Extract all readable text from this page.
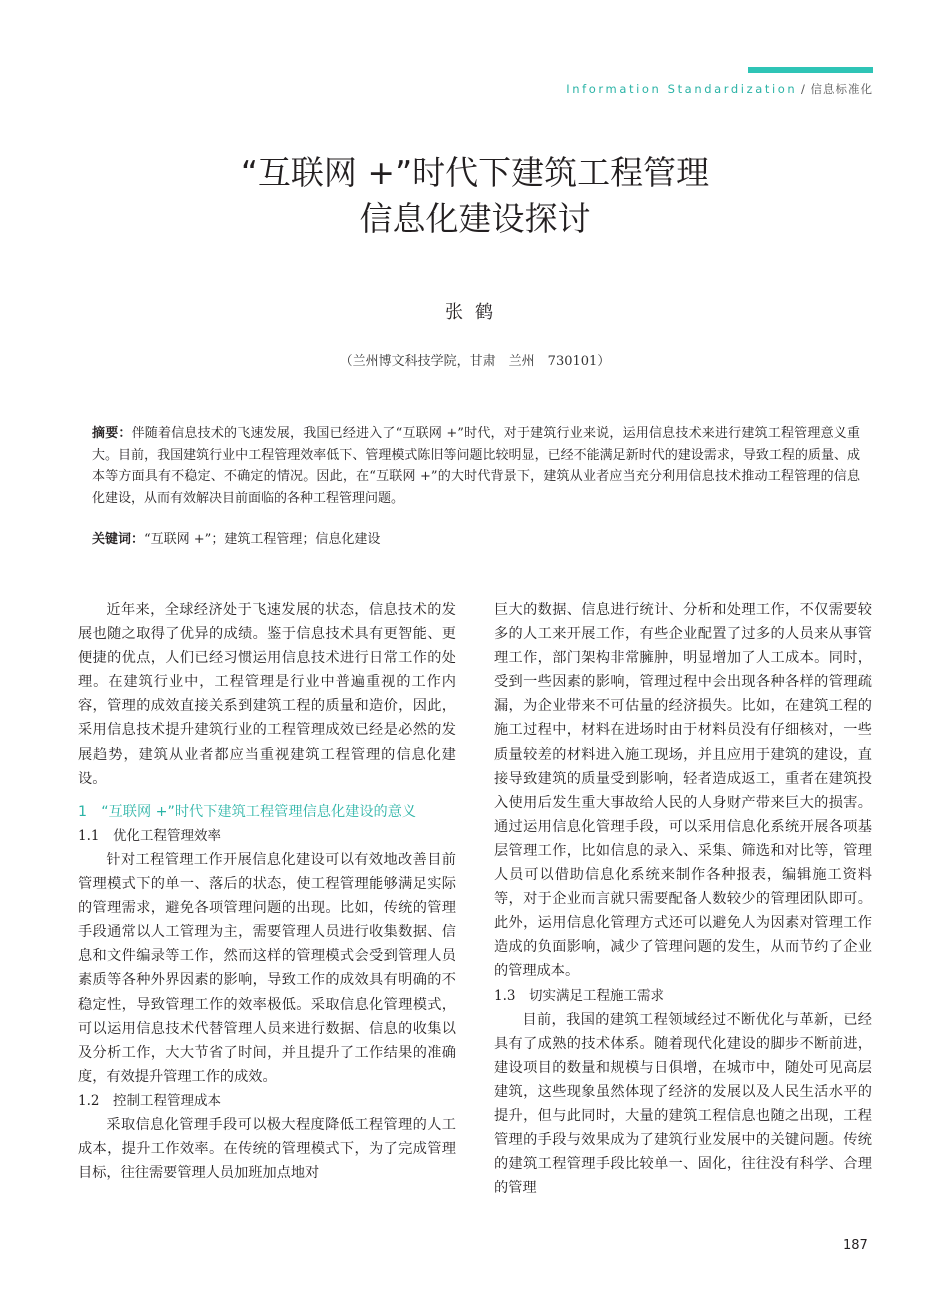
Information Standardization / 信息标准化
“互联网 +”时代下建筑工程管理
信息化建设探讨
张鹤
（兰州博文科技学院，甘肃　兰州　730101）

摘要：伴随着信息技术的飞速发展，我国已经进入了“互联网 +”时代，对于建筑行业来说，运用信息技术来进行建筑工程管理意义重大。目前，我国建筑行业中工程管理效率低下、管理模式陈旧等问题比较明显，已经不能满足新时代的建设需求，导致工程的质量、成本等方面具有不稳定、不确定的情况。因此，在“互联网 +”的大时代背景下，建筑从业者应当充分利用信息技术推动工程管理的信息化建设，从而有效解决目前面临的各种工程管理问题。

关键词：“互联网 +”；建筑工程管理；信息化建设

近年来，全球经济处于飞速发展的状态，信息技术的发展也随之取得了优异的成绩。鉴于信息技术具有更智能、更便捷的优点，人们已经习惯运用信息技术进行日常工作的处理。在建筑行业中，工程管理是行业中普遍重视的工作内容，管理的成效直接关系到建筑工程的质量和造价，因此，采用信息技术提升建筑行业的工程管理成效已经是必然的发展趋势，建筑从业者都应当重视建筑工程管理的信息化建设。

1　“互联网 +”时代下建筑工程管理信息化建设的意义

1.1　优化工程管理效率

针对工程管理工作开展信息化建设可以有效地改善目前管理模式下的单一、落后的状态，使工程管理能够满足实际的管理需求，避免各项管理问题的出现。比如，传统的管理手段通常以人工管理为主，需要管理人员进行收集数据、信息和文件编录等工作，然而这样的管理模式会受到管理人员素质等各种外界因素的影响，导致工作的成效具有明确的不稳定性，导致管理工作的效率极低。采取信息化管理模式，可以运用信息技术代替管理人员来进行数据、信息的收集以及分析工作，大大节省了时间，并且提升了工作结果的准确度，有效提升管理工作的成效。

1.2　控制工程管理成本

采取信息化管理手段可以极大程度降低工程管理的人工成本，提升工作效率。在传统的管理模式下，为了完成管理目标，往往需要管理人员加班加点地对

巨大的数据、信息进行统计、分析和处理工作，不仅需要较多的人工来开展工作，有些企业配置了过多的人员来从事管理工作，部门架构非常臃肿，明显增加了人工成本。同时，受到一些因素的影响，管理过程中会出现各种各样的管理疏漏，为企业带来不可估量的经济损失。比如，在建筑工程的施工过程中，材料在进场时由于材料员没有仔细核对，一些质量较差的材料进入施工现场，并且应用于建筑的建设，直接导致建筑的质量受到影响，轻者造成返工，重者在建筑投入使用后发生重大事故给人民的人身财产带来巨大的损害。通过运用信息化管理手段，可以采用信息化系统开展各项基层管理工作，比如信息的录入、采集、筛选和对比等，管理人员可以借助信息化系统来制作各种报表，编辑施工资料等，对于企业而言就只需要配备人数较少的管理团队即可。此外，运用信息化管理方式还可以避免人为因素对管理工作造成的负面影响，减少了管理问题的发生，从而节约了企业的管理成本。

1.3　切实满足工程施工需求

目前，我国的建筑工程领域经过不断优化与革新，已经具有了成熟的技术体系。随着现代化建设的脚步不断前进，建设项目的数量和规模与日俱增，在城市中，随处可见高层建筑，这些现象虽然体现了经济的发展以及人民生活水平的提升，但与此同时，大量的建筑工程信息也随之出现，工程管理的手段与效果成为了建筑行业发展中的关键问题。传统的建筑工程管理手段比较单一、固化，往往没有科学、合理的管理

187
